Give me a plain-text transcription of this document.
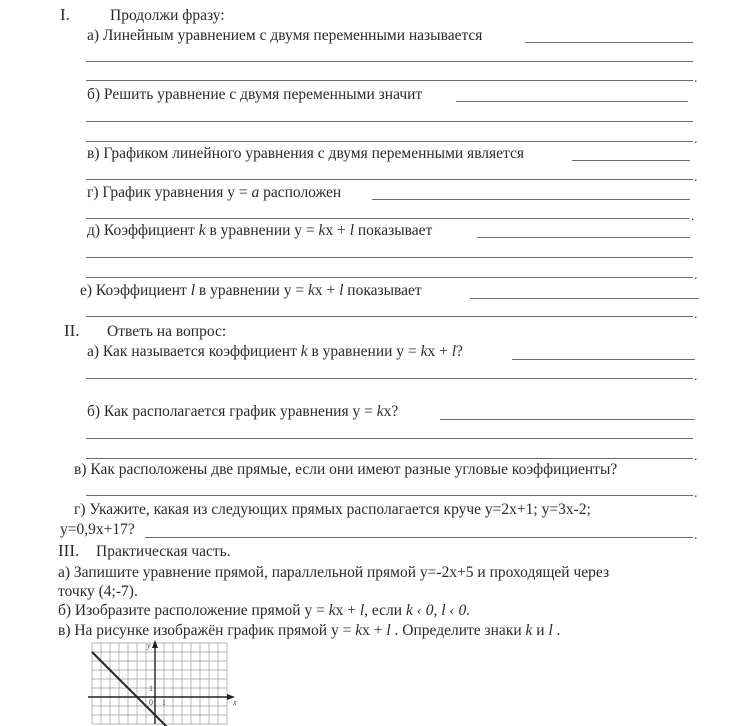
I.	Продолжи фразу:
а) Линейным уравнением с двумя переменными называется
.
б) Решить уравнение с двумя переменными значит
.
в) Графиком линейного уравнения с двумя переменными является
.
г) График уравнения y = a расположен
.
д) Коэффициент k в уравнении y = kx + l показывает
.
е) Коэффициент l в уравнении y = kx + l показывает
.
II. Ответь на вопрос:
а) Как называется коэффициент k в уравнении y = kx + l?
.
б) Как располагается график уравнения y = kx?
.
в) Как расположены две прямые, если они имеют разные угловые коэффициенты?
.
г) Укажите, какая из следующих прямых располагается круче y=2x+1; y=3x-2;
y=0,9x+17?	.
III. Практическая часть.
а) Запишите уравнение прямой, параллельной прямой y=-2x+5 и проходящей через
точку (4;-7).
б) Изобразите расположение прямой y = kx + l, если k ‹ 0, l ‹ 0.
в) На рисунке изображён график прямой y = kx + l . Определите знаки k и l .
y
x
0
1
1
